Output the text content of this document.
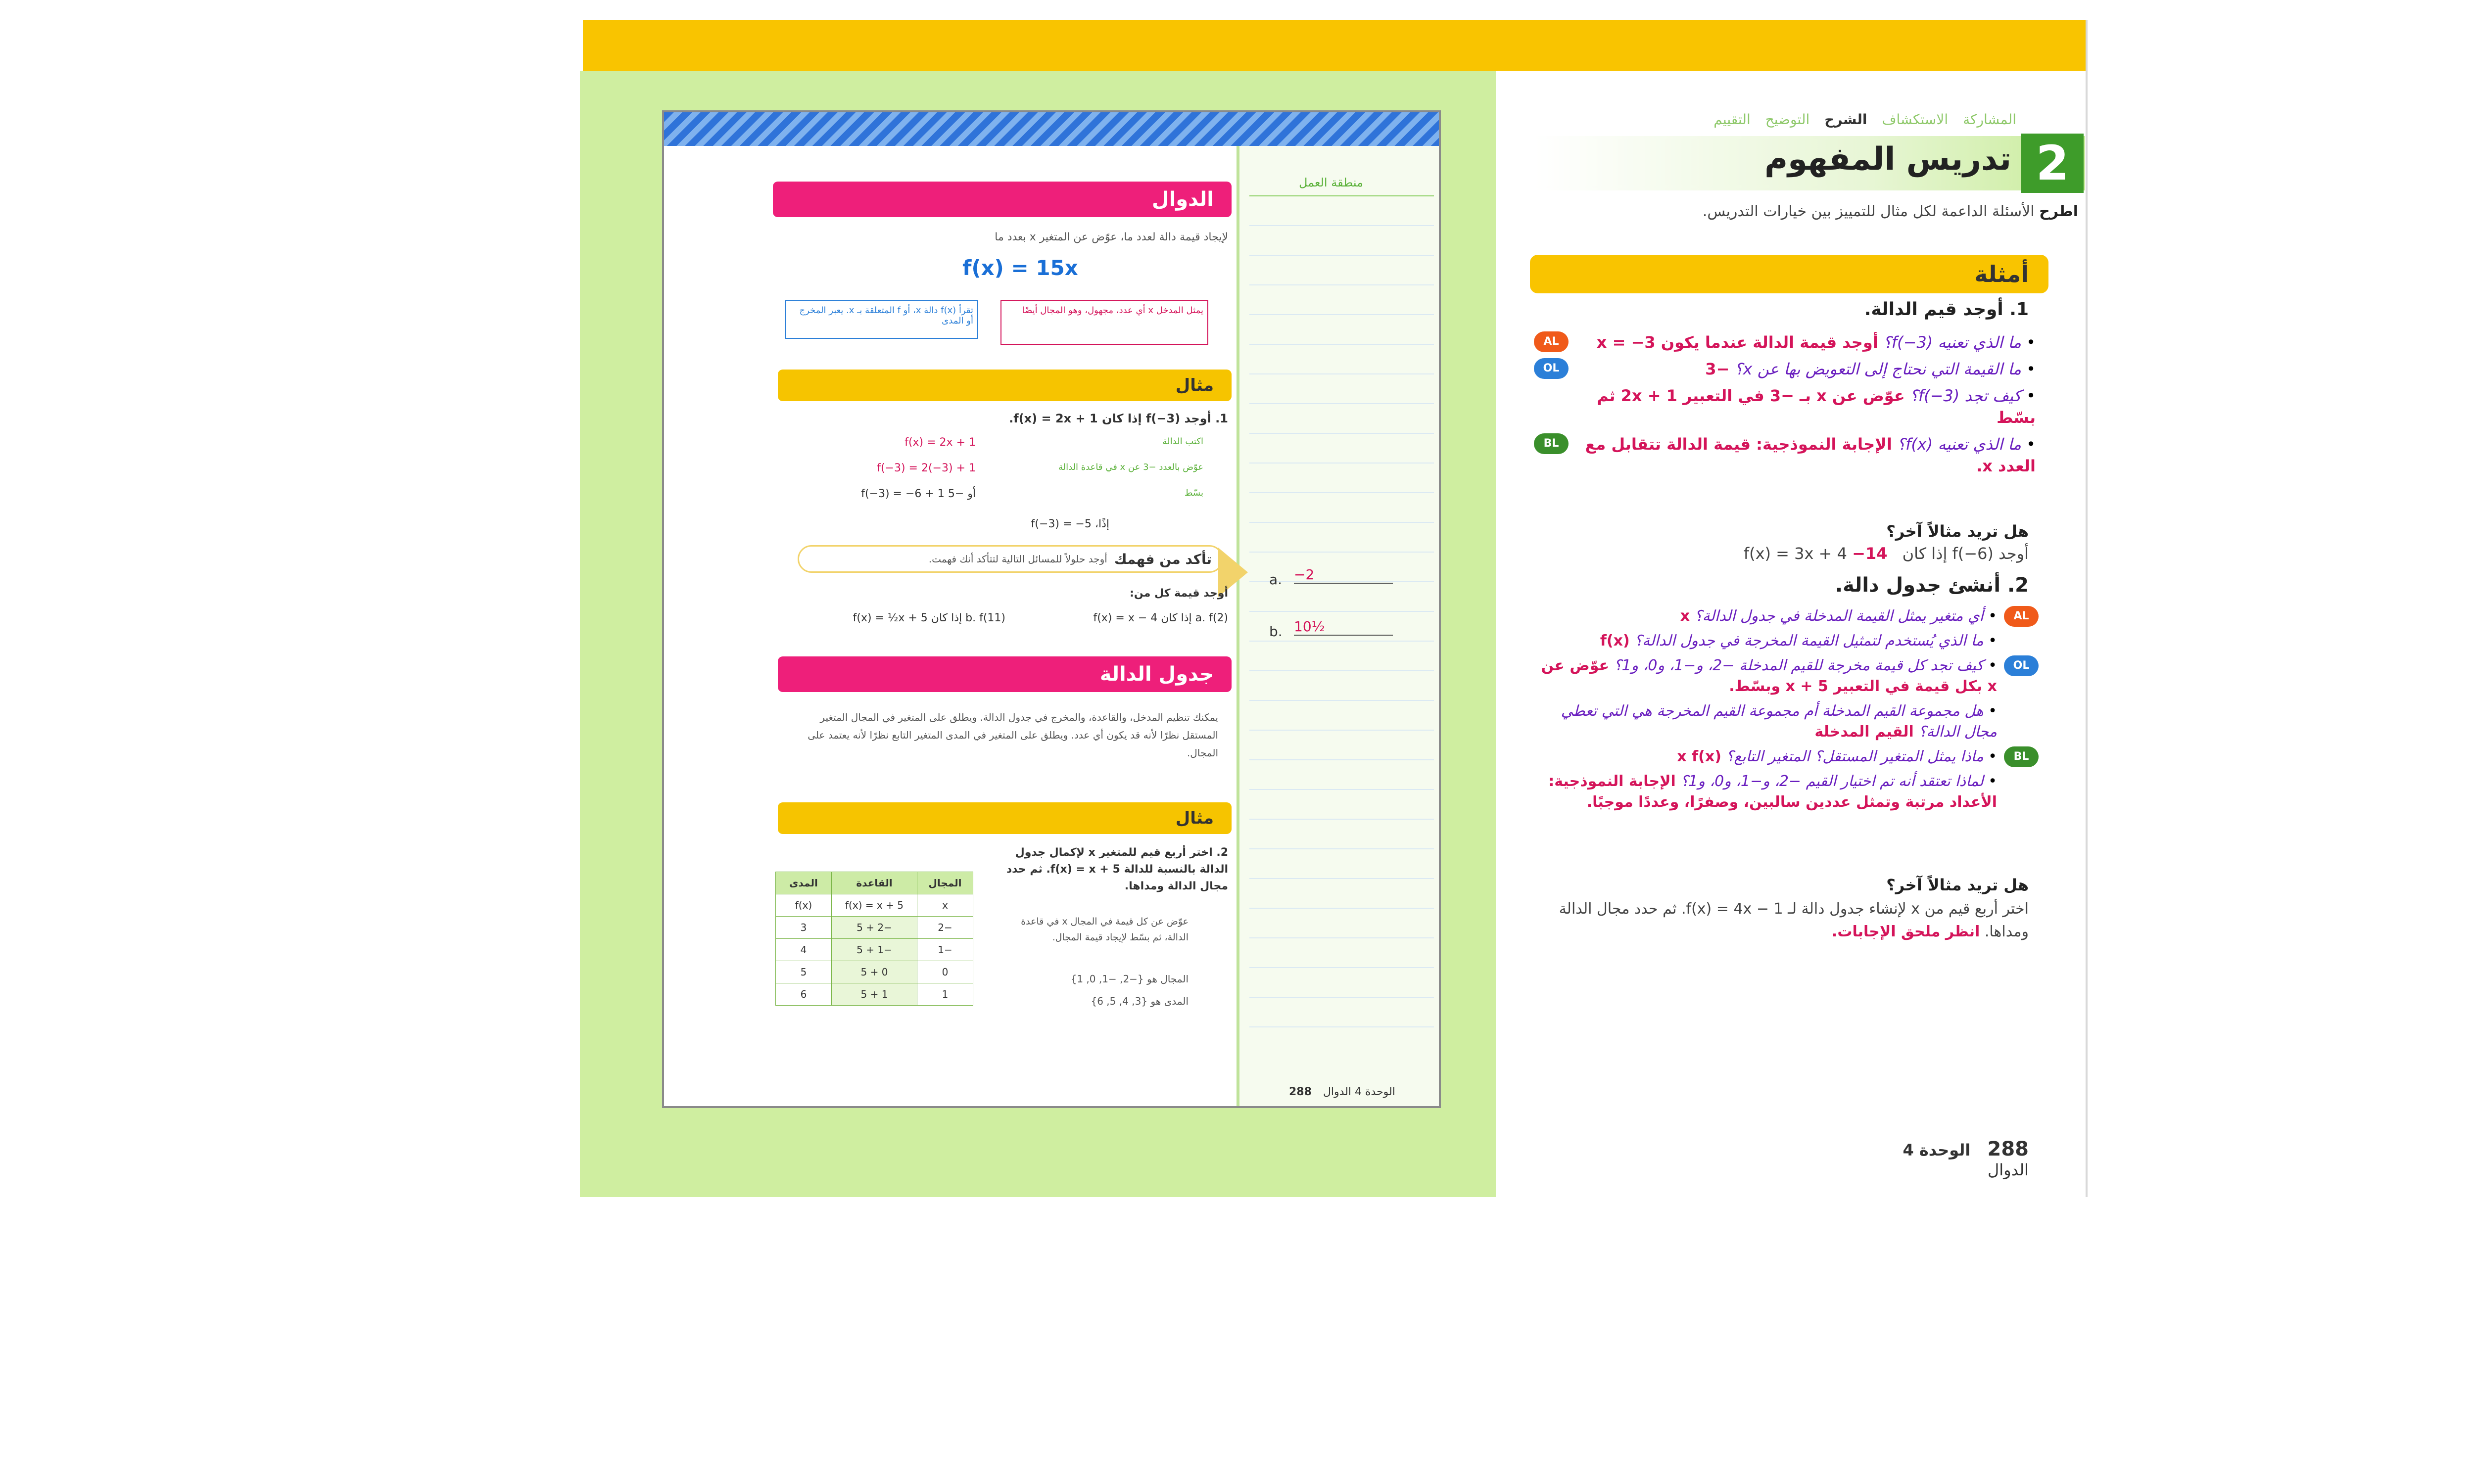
منطقة العمل
a. −2
b. 10½
288 الوحدة 4 الدوال
الدوال
لإيجاد قيمة دالة لعدد ما، عوّض عن المتغير x بعدد ما
f(x) = 15x
تقرأ f(x) دالة x، أو f المتعلقة بـ x. يعبر المخرج أو المدى
يمثل المدخل x أي عدد، مجهول، وهو المجال أيضًا
مثال
1. أوجد (3−)f إذا كان f(x) = 2x + 1.
f(x) = 2x + 1	اكتب الدالة
f(−3) = 2(−3) + 1	عوّض بالعدد −3 عن x في قاعدة الدالة
f(−3) = −6 + 1 أو −5	بسّط
إذًا، f(−3) = −5
أوجد حلولاً للمسائل التالية لتتأكد أنك فهمت. تأكد من فهمك
أوجد قيمة كل من:
a. f(2) إذا كان f(x) = x − 4
b. f(11) إذا كان f(x) = ½x + 5
جدول الدالة
يمكنك تنظيم المدخل، والقاعدة، والمخرج في جدول الدالة. ويطلق على المتغير في المجال المتغير المستقل نظرًا لأنه قد يكون أي عدد. ويطلق على المتغير في المدى المتغير التابع نظرًا لأنه يعتمد على المجال.
مثال
2. اختر أربع قيم للمتغير x لإكمال جدول الدالة بالنسبة للدالة f(x) = x + 5. ثم حدد مجال الدالة ومداها.
عوّض عن كل قيمة في المجال x في قاعدة الدالة، ثم بسّط لإيجاد قيمة المجال.
المجال هو {−2, −1, 0, 1}
المدى هو {3, 4, 5, 6}
المجال	القاعدة	المدى
x	f(x) = x + 5	f(x)
−2	−2 + 5	3
−1	−1 + 5	4
0	0 + 5	5
1	1 + 5	6
المشاركة
الاستكشاف
الشرح
التوضيح
التقييم
2
تدريس المفهوم
اطرح الأسئلة الداعمة لكل مثال للتمييز بين خيارات التدريس.
أمثلة
1. أوجد قيم الدالة.
AL	• ما الذي تعنيه (3−)f؟ أوجد قيمة الدالة عندما يكون x = −3
OL	• ما القيمة التي نحتاج إلى التعويض بها عن x؟ −3
• كيف تجد (3−)f؟ عوّض عن x بـ −3 في التعبير 2x + 1 ثم بسّط
BL	• ما الذي تعنيه f(x)؟ الإجابة النموذجية: قيمة الدالة تتقابل مع العدد x.
هل تريد مثالاً آخر؟
أوجد (6−)f إذا كان f(x) = 3x + 4 −14
2. أنشئ جدول دالة.
AL
• أي متغير يمثل القيمة المدخلة في جدول الدالة؟ x
• ما الذي يُستخدم لتمثيل القيمة المخرجة في جدول الدالة؟ f(x)
OL
• كيف تجد كل قيمة مخرجة للقيم المدخلة −2، و−1، و0، و1؟ عوّض عن x بكل قيمة في التعبير x + 5 وبسّط.
• هل مجموعة القيم المدخلة أم مجموعة القيم المخرجة هي التي تعطي مجال الدالة؟ القيم المدخلة
BL
• ماذا يمثل المتغير المستقل؟ المتغير التابع؟ x f(x)
• لماذا تعتقد أنه تم اختيار القيم −2، و−1، و0، و1؟ الإجابة النموذجية: الأعداد مرتبة وتمثل عددين سالبين، وصفرًا، وعددًا موجبًا.
هل تريد مثالاً آخر؟
اختر أربع قيم من x لإنشاء جدول دالة لـ f(x) = 4x − 1. ثم حدد مجال الدالة ومداها. انظر ملحق الإجابات.
288 الوحدة 4 الدوال
